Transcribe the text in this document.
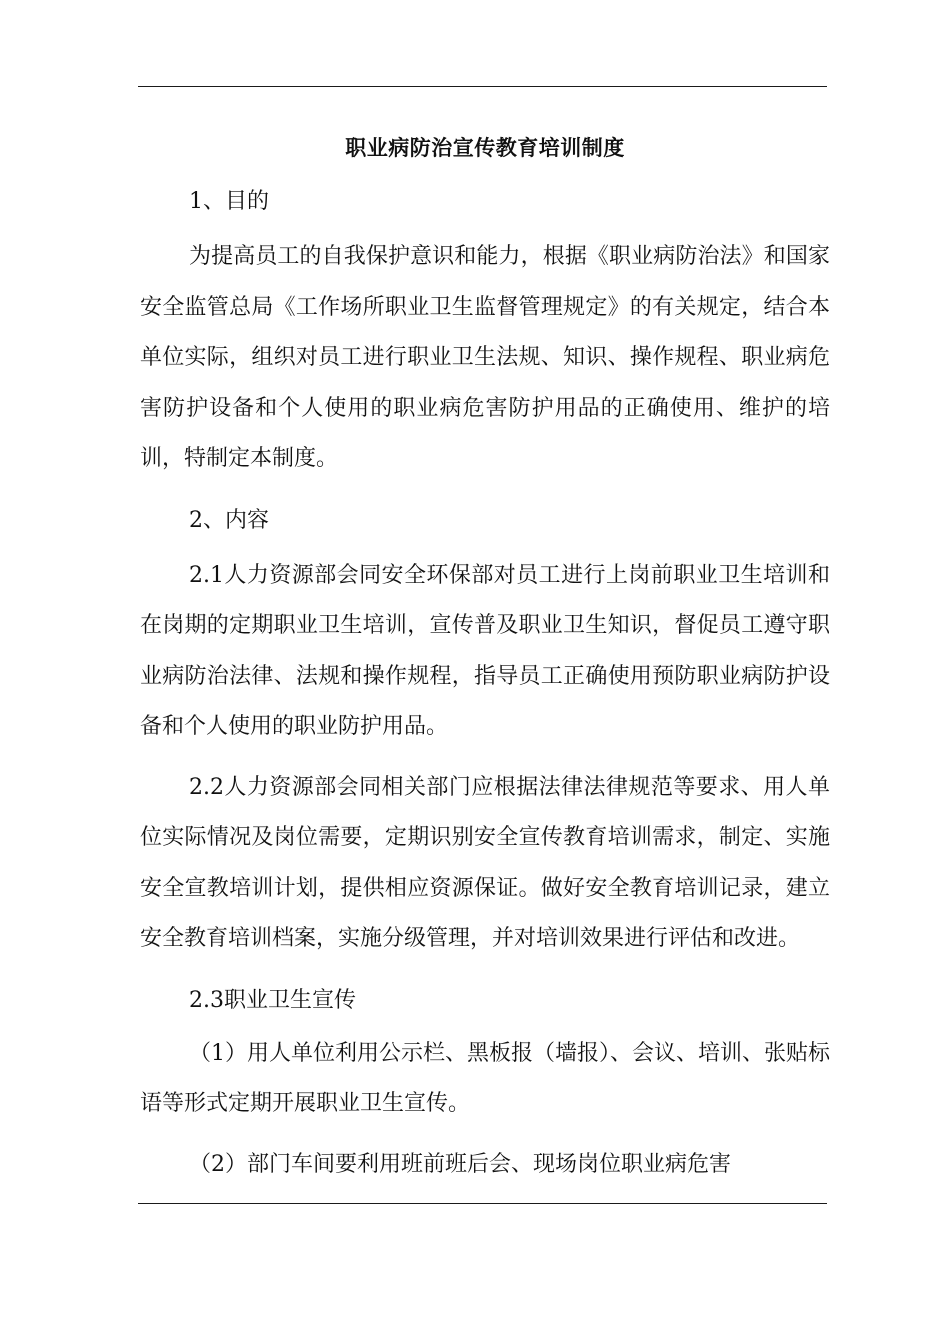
职业病防治宣传教育培训制度
1、目的

为提高员工的自我保护意识和能力，根据《职业病防治法》和国家安全监管总局《工作场所职业卫生监督管理规定》的有关规定，结合本单位实际，组织对员工进行职业卫生法规、知识、操作规程、职业病危害防护设备和个人使用的职业病危害防护用品的正确使用、维护的培训，特制定本制度。

2、内容

2.1人力资源部会同安全环保部对员工进行上岗前职业卫生培训和在岗期的定期职业卫生培训，宣传普及职业卫生知识，督促员工遵守职业病防治法律、法规和操作规程，指导员工正确使用预防职业病防护设备和个人使用的职业防护用品。

2.2人力资源部会同相关部门应根据法律法律规范等要求、用人单位实际情况及岗位需要，定期识别安全宣传教育培训需求，制定、实施安全宣教培训计划，提供相应资源保证。做好安全教育培训记录，建立安全教育培训档案，实施分级管理，并对培训效果进行评估和改进。

2.3职业卫生宣传

（1）用人单位利用公示栏、黑板报（墙报）、会议、培训、张贴标语等形式定期开展职业卫生宣传。

（2）部门车间要利用班前班后会、现场岗位职业病危害
